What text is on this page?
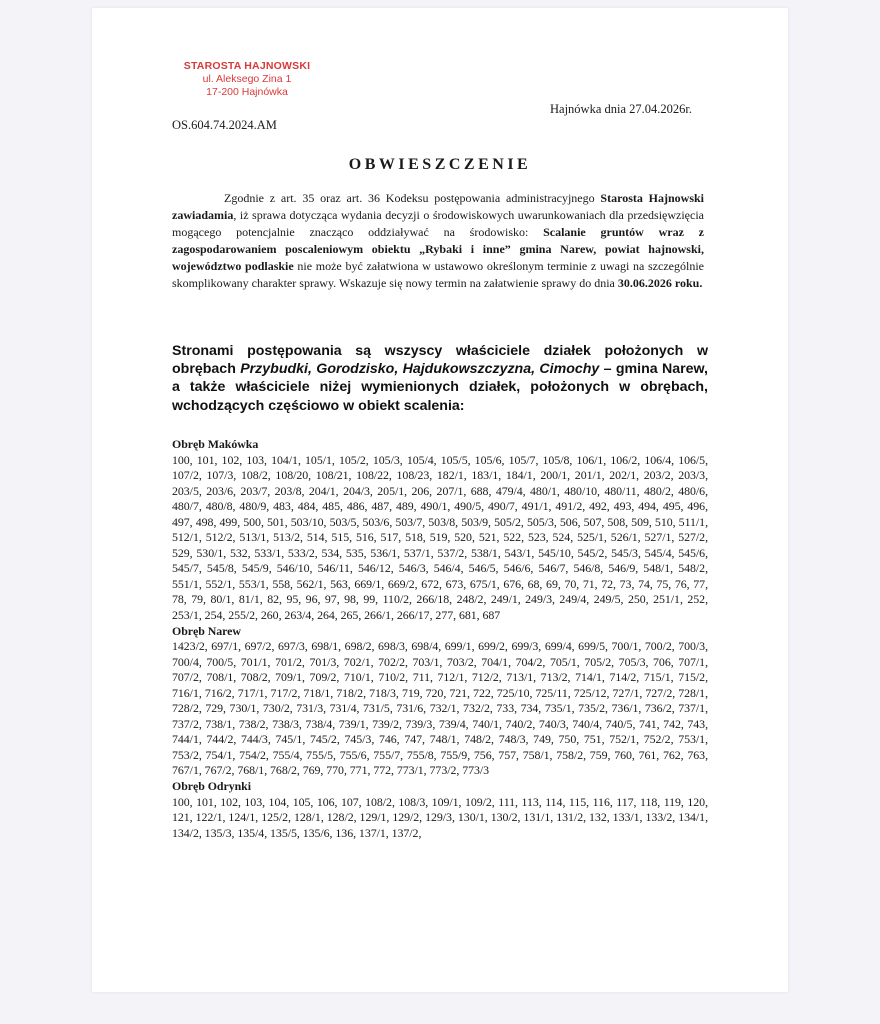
STAROSTA HAJNOWSKI
ul. Aleksego Zina 1
17-200 Hajnówka
Hajnówka dnia 27.04.2026r.
OS.604.74.2024.AM
OBWIESZCZENIE
Zgodnie z art. 35 oraz art. 36 Kodeksu postępowania administracyjnego Starosta Hajnowski zawiadamia, iż sprawa dotycząca wydania decyzji o środowiskowych uwarunkowaniach dla przedsięwzięcia mogącego potencjalnie znacząco oddziaływać na środowisko: Scalanie gruntów wraz z zagospodarowaniem poscaleniowym obiektu „Rybaki i inne” gmina Narew, powiat hajnowski, województwo podlaskie nie może być załatwiona w ustawowo określonym terminie z uwagi na szczególnie skomplikowany charakter sprawy. Wskazuje się nowy termin na załatwienie sprawy do dnia 30.06.2026 roku.
Stronami postępowania są wszyscy właściciele działek położonych w obrębach Przybudki, Gorodzisko, Hajdukowszczyzna, Cimochy – gmina Narew, a także właściciele niżej wymienionych działek, położonych w obrębach, wchodzących częściowo w obiekt scalenia:
Obręb Makówka
100, 101, 102, 103, 104/1, 105/1, 105/2, 105/3, 105/4, 105/5, 105/6, 105/7, 105/8, 106/1, 106/2, 106/4, 106/5, 107/2, 107/3, 108/2, 108/20, 108/21, 108/22, 108/23, 182/1, 183/1, 184/1, 200/1, 201/1, 202/1, 203/2, 203/3, 203/5, 203/6, 203/7, 203/8, 204/1, 204/3, 205/1, 206, 207/1, 688, 479/4, 480/1, 480/10, 480/11, 480/2, 480/6, 480/7, 480/8, 480/9, 483, 484, 485, 486, 487, 489, 490/1, 490/5, 490/7, 491/1, 491/2, 492, 493, 494, 495, 496, 497, 498, 499, 500, 501, 503/10, 503/5, 503/6, 503/7, 503/8, 503/9, 505/2, 505/3, 506, 507, 508, 509, 510, 511/1, 512/1, 512/2, 513/1, 513/2, 514, 515, 516, 517, 518, 519, 520, 521, 522, 523, 524, 525/1, 526/1, 527/1, 527/2, 529, 530/1, 532, 533/1, 533/2, 534, 535, 536/1, 537/1, 537/2, 538/1, 543/1, 545/10, 545/2, 545/3, 545/4, 545/6, 545/7, 545/8, 545/9, 546/10, 546/11, 546/12, 546/3, 546/4, 546/5, 546/6, 546/7, 546/8, 546/9, 548/1, 548/2, 551/1, 552/1, 553/1, 558, 562/1, 563, 669/1, 669/2, 672, 673, 675/1, 676, 68, 69, 70, 71, 72, 73, 74, 75, 76, 77, 78, 79, 80/1, 81/1, 82, 95, 96, 97, 98, 99, 110/2, 266/18, 248/2, 249/1, 249/3, 249/4, 249/5, 250, 251/1, 252, 253/1, 254, 255/2, 260, 263/4, 264, 265, 266/1, 266/17, 277, 681, 687
Obręb Narew
1423/2, 697/1, 697/2, 697/3, 698/1, 698/2, 698/3, 698/4, 699/1, 699/2, 699/3, 699/4, 699/5, 700/1, 700/2, 700/3, 700/4, 700/5, 701/1, 701/2, 701/3, 702/1, 702/2, 703/1, 703/2, 704/1, 704/2, 705/1, 705/2, 705/3, 706, 707/1, 707/2, 708/1, 708/2, 709/1, 709/2, 710/1, 710/2, 711, 712/1, 712/2, 713/1, 713/2, 714/1, 714/2, 715/1, 715/2, 716/1, 716/2, 717/1, 717/2, 718/1, 718/2, 718/3, 719, 720, 721, 722, 725/10, 725/11, 725/12, 727/1, 727/2, 728/1, 728/2, 729, 730/1, 730/2, 731/3, 731/4, 731/5, 731/6, 732/1, 732/2, 733, 734, 735/1, 735/2, 736/1, 736/2, 737/1, 737/2, 738/1, 738/2, 738/3, 738/4, 739/1, 739/2, 739/3, 739/4, 740/1, 740/2, 740/3, 740/4, 740/5, 741, 742, 743, 744/1, 744/2, 744/3, 745/1, 745/2, 745/3, 746, 747, 748/1, 748/2, 748/3, 749, 750, 751, 752/1, 752/2, 753/1, 753/2, 754/1, 754/2, 755/4, 755/5, 755/6, 755/7, 755/8, 755/9, 756, 757, 758/1, 758/2, 759, 760, 761, 762, 763, 767/1, 767/2, 768/1, 768/2, 769, 770, 771, 772, 773/1, 773/2, 773/3
Obręb Odrynki
100, 101, 102, 103, 104, 105, 106, 107, 108/2, 108/3, 109/1, 109/2, 111, 113, 114, 115, 116, 117, 118, 119, 120, 121, 122/1, 124/1, 125/2, 128/1, 128/2, 129/1, 129/2, 129/3, 130/1, 130/2, 131/1, 131/2, 132, 133/1, 133/2, 134/1, 134/2, 135/3, 135/4, 135/5, 135/6, 136, 137/1, 137/2,
